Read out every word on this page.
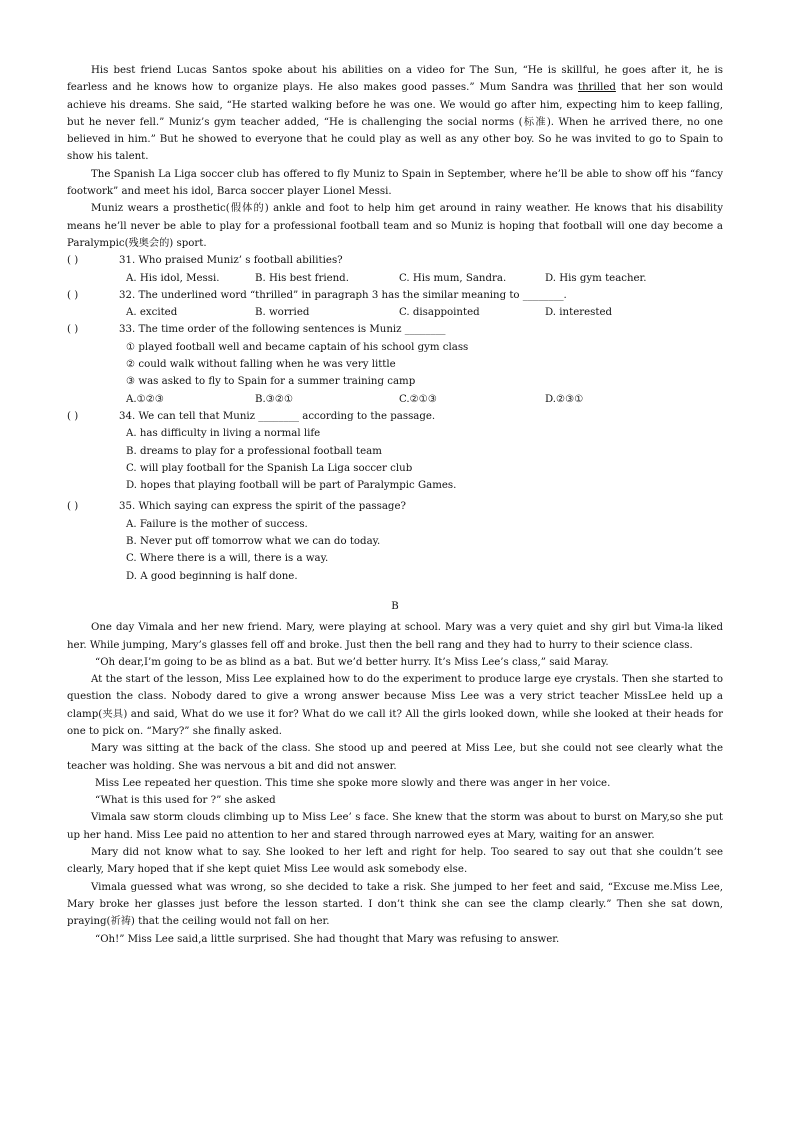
His best friend Lucas Santos spoke about his abilities on a video for The Sun, “He is skillful, he goes after it, he is fearless and he knows how to organize plays. He also makes good passes.” Mum Sandra was thrilled that her son would achieve his dreams. She said, “He started walking before he was one. We would go after him, expecting him to keep falling, but he never fell.” Muniz’s gym teacher added, “He is challenging the social norms (标准). When he arrived there, no one believed in him.” But he showed to everyone that he could play as well as any other boy. So he was invited to go to Spain to show his talent.

The Spanish La Liga soccer club has offered to fly Muniz to Spain in September, where he’ll be able to show off his “fancy footwork” and meet his idol, Barca soccer player Lionel Messi.

Muniz wears a prosthetic(假体的) ankle and foot to help him get around in rainy weather. He knows that his disability means he’ll never be able to play for a professional football team and so Muniz is hoping that football will one day become a Paralympic(残奥会的) sport.

( )	31. Who praised Muniz’ s football abilities?

A. His idol, Messi.	B. His best friend.	C. His mum, Sandra.	D. His gym teacher.

( )	32. The underlined word “thrilled” in paragraph 3 has the similar meaning to ________.

A. excited	B. worried	C. disappointed	D. interested

( )	33. The time order of the following sentences is Muniz ________

① played football well and became captain of his school gym class

② could walk without falling when he was very little

③ was asked to fly to Spain for a summer training camp

A.①②③	B.③②①	C.②①③	D.②③①

( )	34. We can tell that Muniz ________ according to the passage.

A. has difficulty in living a normal life

B. dreams to play for a professional football team

C. will play football for the Spanish La Liga soccer club

D. hopes that playing football will be part of Paralympic Games.

( )	35. Which saying can express the spirit of the passage?

A. Failure is the mother of success.

B. Never put off tomorrow what we can do today.

C. Where there is a will, there is a way.

D. A good beginning is half done.

B

One day Vimala and her new friend. Mary, were playing at school. Mary was a very quiet and shy girl but Vima-la liked her. While jumping, Mary’s glasses fell off and broke. Just then the bell rang and they had to hurry to their science class.

“Oh dear,I’m going to be as blind as a bat. But we’d better hurry. It’s Miss Lee’s class,” said Maray.

At the start of the lesson, Miss Lee explained how to do the experiment to produce large eye crystals. Then she started to question the class. Nobody dared to give a wrong answer because Miss Lee was a very strict teacher MissLee held up a clamp(夹具) and said, What do we use it for? What do we call it? All the girls looked down, while she looked at their heads for one to pick on. “Mary?” she finally asked.

Mary was sitting at the back of the class. She stood up and peered at Miss Lee, but she could not see clearly what the teacher was holding. She was nervous a bit and did not answer.

Miss Lee repeated her question. This time she spoke more slowly and there was anger in her voice.

“What is this used for ?” she asked

Vimala saw storm clouds climbing up to Miss Lee’ s face. She knew that the storm was about to burst on Mary,so she put up her hand. Miss Lee paid no attention to her and stared through narrowed eyes at Mary, waiting for an answer.

Mary did not know what to say. She looked to her left and right for help. Too seared to say out that she couldn’t see clearly, Mary hoped that if she kept quiet Miss Lee would ask somebody else.

Vimala guessed what was wrong, so she decided to take a risk. She jumped to her feet and said, “Excuse me.Miss Lee, Mary broke her glasses just before the lesson started. I don’t think she can see the clamp clearly.” Then she sat down, praying(祈祷) that the ceiling would not fall on her.

“Oh!” Miss Lee said,a little surprised. She had thought that Mary was refusing to answer.
